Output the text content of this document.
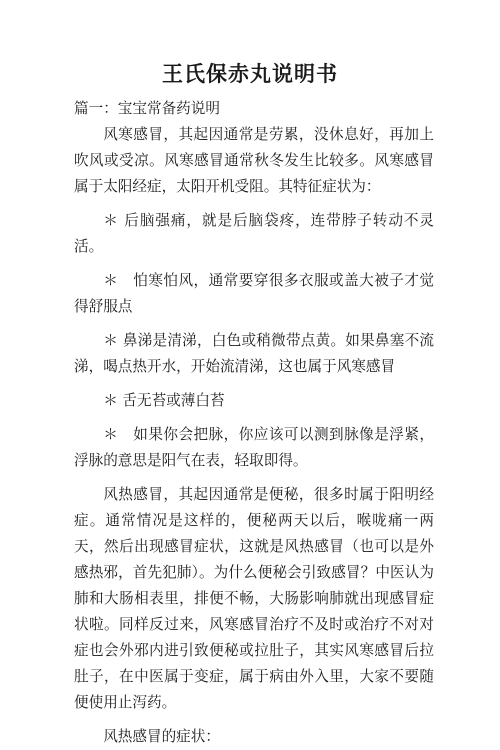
王氏保赤丸说明书

篇一：宝宝常备药说明

风寒感冒，其起因通常是劳累，没休息好，再加上吹风或受凉。风寒感冒通常秋冬发生比较多。风寒感冒属于太阳经症，太阳开机受阻。其特征症状为：

＊ 后脑强痛，就是后脑袋疼，连带脖子转动不灵活。

＊　怕寒怕风，通常要穿很多衣服或盖大被子才觉得舒服点

＊ 鼻涕是清涕，白色或稍微带点黄。如果鼻塞不流涕，喝点热开水，开始流清涕，这也属于风寒感冒

＊ 舌无苔或薄白苔

＊　如果你会把脉，你应该可以测到脉像是浮紧，浮脉的意思是阳气在表，轻取即得。

风热感冒，其起因通常是便秘，很多时属于阳明经症。通常情况是这样的，便秘两天以后，喉咙痛一两天，然后出现感冒症状，这就是风热感冒（也可以是外感热邪，首先犯肺）。为什么便秘会引致感冒？中医认为肺和大肠相表里，排便不畅，大肠影响肺就出现感冒症状啦。同样反过来，风寒感冒治疗不及时或治疗不对对症也会外邪内进引致便秘或拉肚子，其实风寒感冒后拉肚子，在中医属于变症，属于病由外入里，大家不要随便使用止泻药。

风热感冒的症状：
